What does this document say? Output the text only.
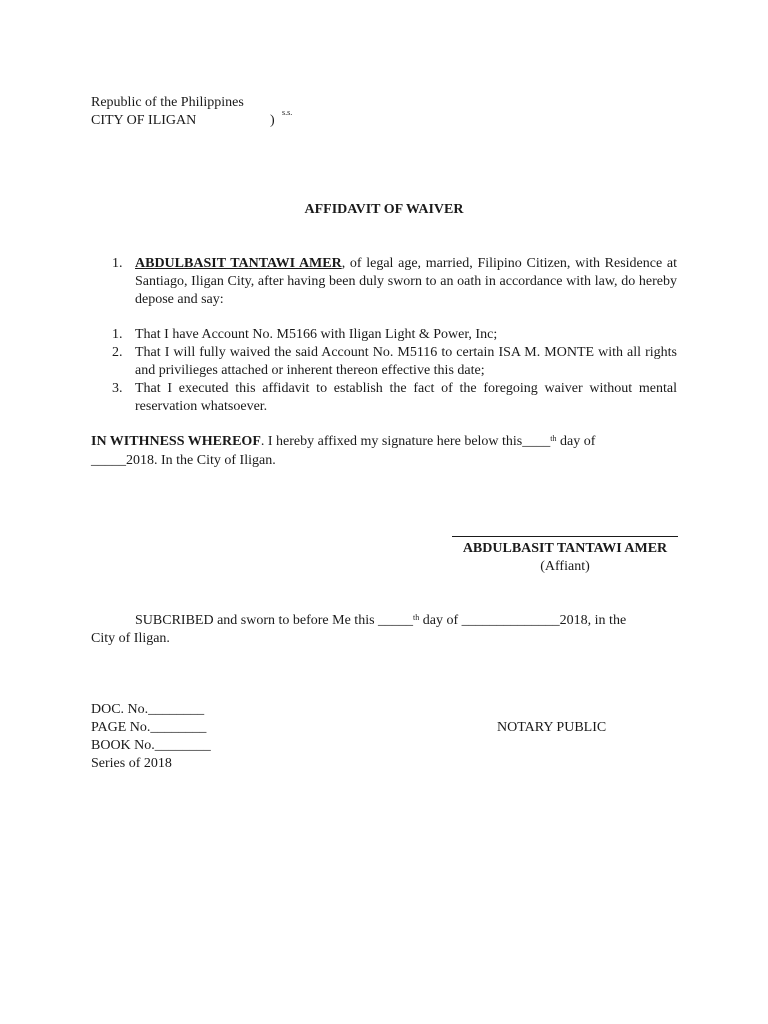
Republic of the Philippines
CITY OF ILIGAN	)
s.s.
AFFIDAVIT OF WAIVER
1. ABDULBASIT TANTAWI AMER, of legal age, married, Filipino Citizen, with Residence at Santiago, Iligan City, after having been duly sworn to an oath in accordance with law, do hereby depose and say:
1. That I have Account No. M5166 with Iligan Light & Power, Inc;
2. That I will fully waived the said Account No. M5116 to certain ISA M. MONTE with all rights and privilieges attached or inherent thereon effective this date;
3. That I executed this affidavit to establish the fact of the foregoing waiver without mental reservation whatsoever.
IN WITHNESS WHEREOF. I hereby affixed my signature here below this____$^{th}$ day of
_____2018. In the City of Iligan.
ABDULBASIT TANTAWI AMER
(Affiant)
SUBCRIBED and sworn to before Me this _____$^{th}$ day of ______________2018, in the
City of Iligan.
DOC. No.________
PAGE No.________
BOOK No.________
Series of 2018
NOTARY PUBLIC
